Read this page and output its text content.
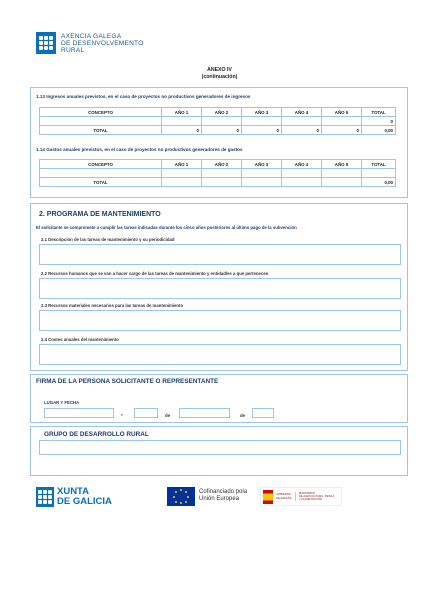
AXENCIA GALEGA
DE DESENVOLVEMENTO
RURAL
ANEXO IV
(continuación)
1.13 Ingresos anuales previstos, en el caso de proyectos no productivos generadores de ingresos
CONCEPTO	AÑO 1	AÑO 2	AÑO 3	AÑO 4	AÑO 5	TOTAL
						0
TOTAL	0	0	0	0	0	0,00
1.14 Gastos anuales previstos, en el caso de proyectos no productivos generadores de gastos
CONCEPTO	AÑO 1	AÑO 2	AÑO 3	AÑO 4	AÑO 5	TOTAL

TOTAL						0,00
2. PROGRAMA DE MANTENIMIENTO
El solicitante se compromete a cumplir las tareas indicadas durante los cinco años posteriores al último pago de la subvención
2.1 Descripción de las tareas de mantenimiento y su periodicidad
2.2 Recursos humanos que se van a hacer cargo de las tareas de mantenimiento y entidad/es a que pertenecen
2.3 Recursos materiales necesarios para las tareas de mantenimiento
2.4 Costes anuales del mantenimiento
FIRMA DE LA PERSONA SOLICITANTE O REPRESENTANTE
LUGAR Y FECHA
,	de	de
GRUPO DE DESARROLLO RURAL
XUNTA
DE GALICIA
Cofinanciado pola
Unión Europea
GOBIERNO
DE ESPAÑA
MINISTERIO
DE AGRICULTURA, PESCA
Y ALIMENTACIÓN
